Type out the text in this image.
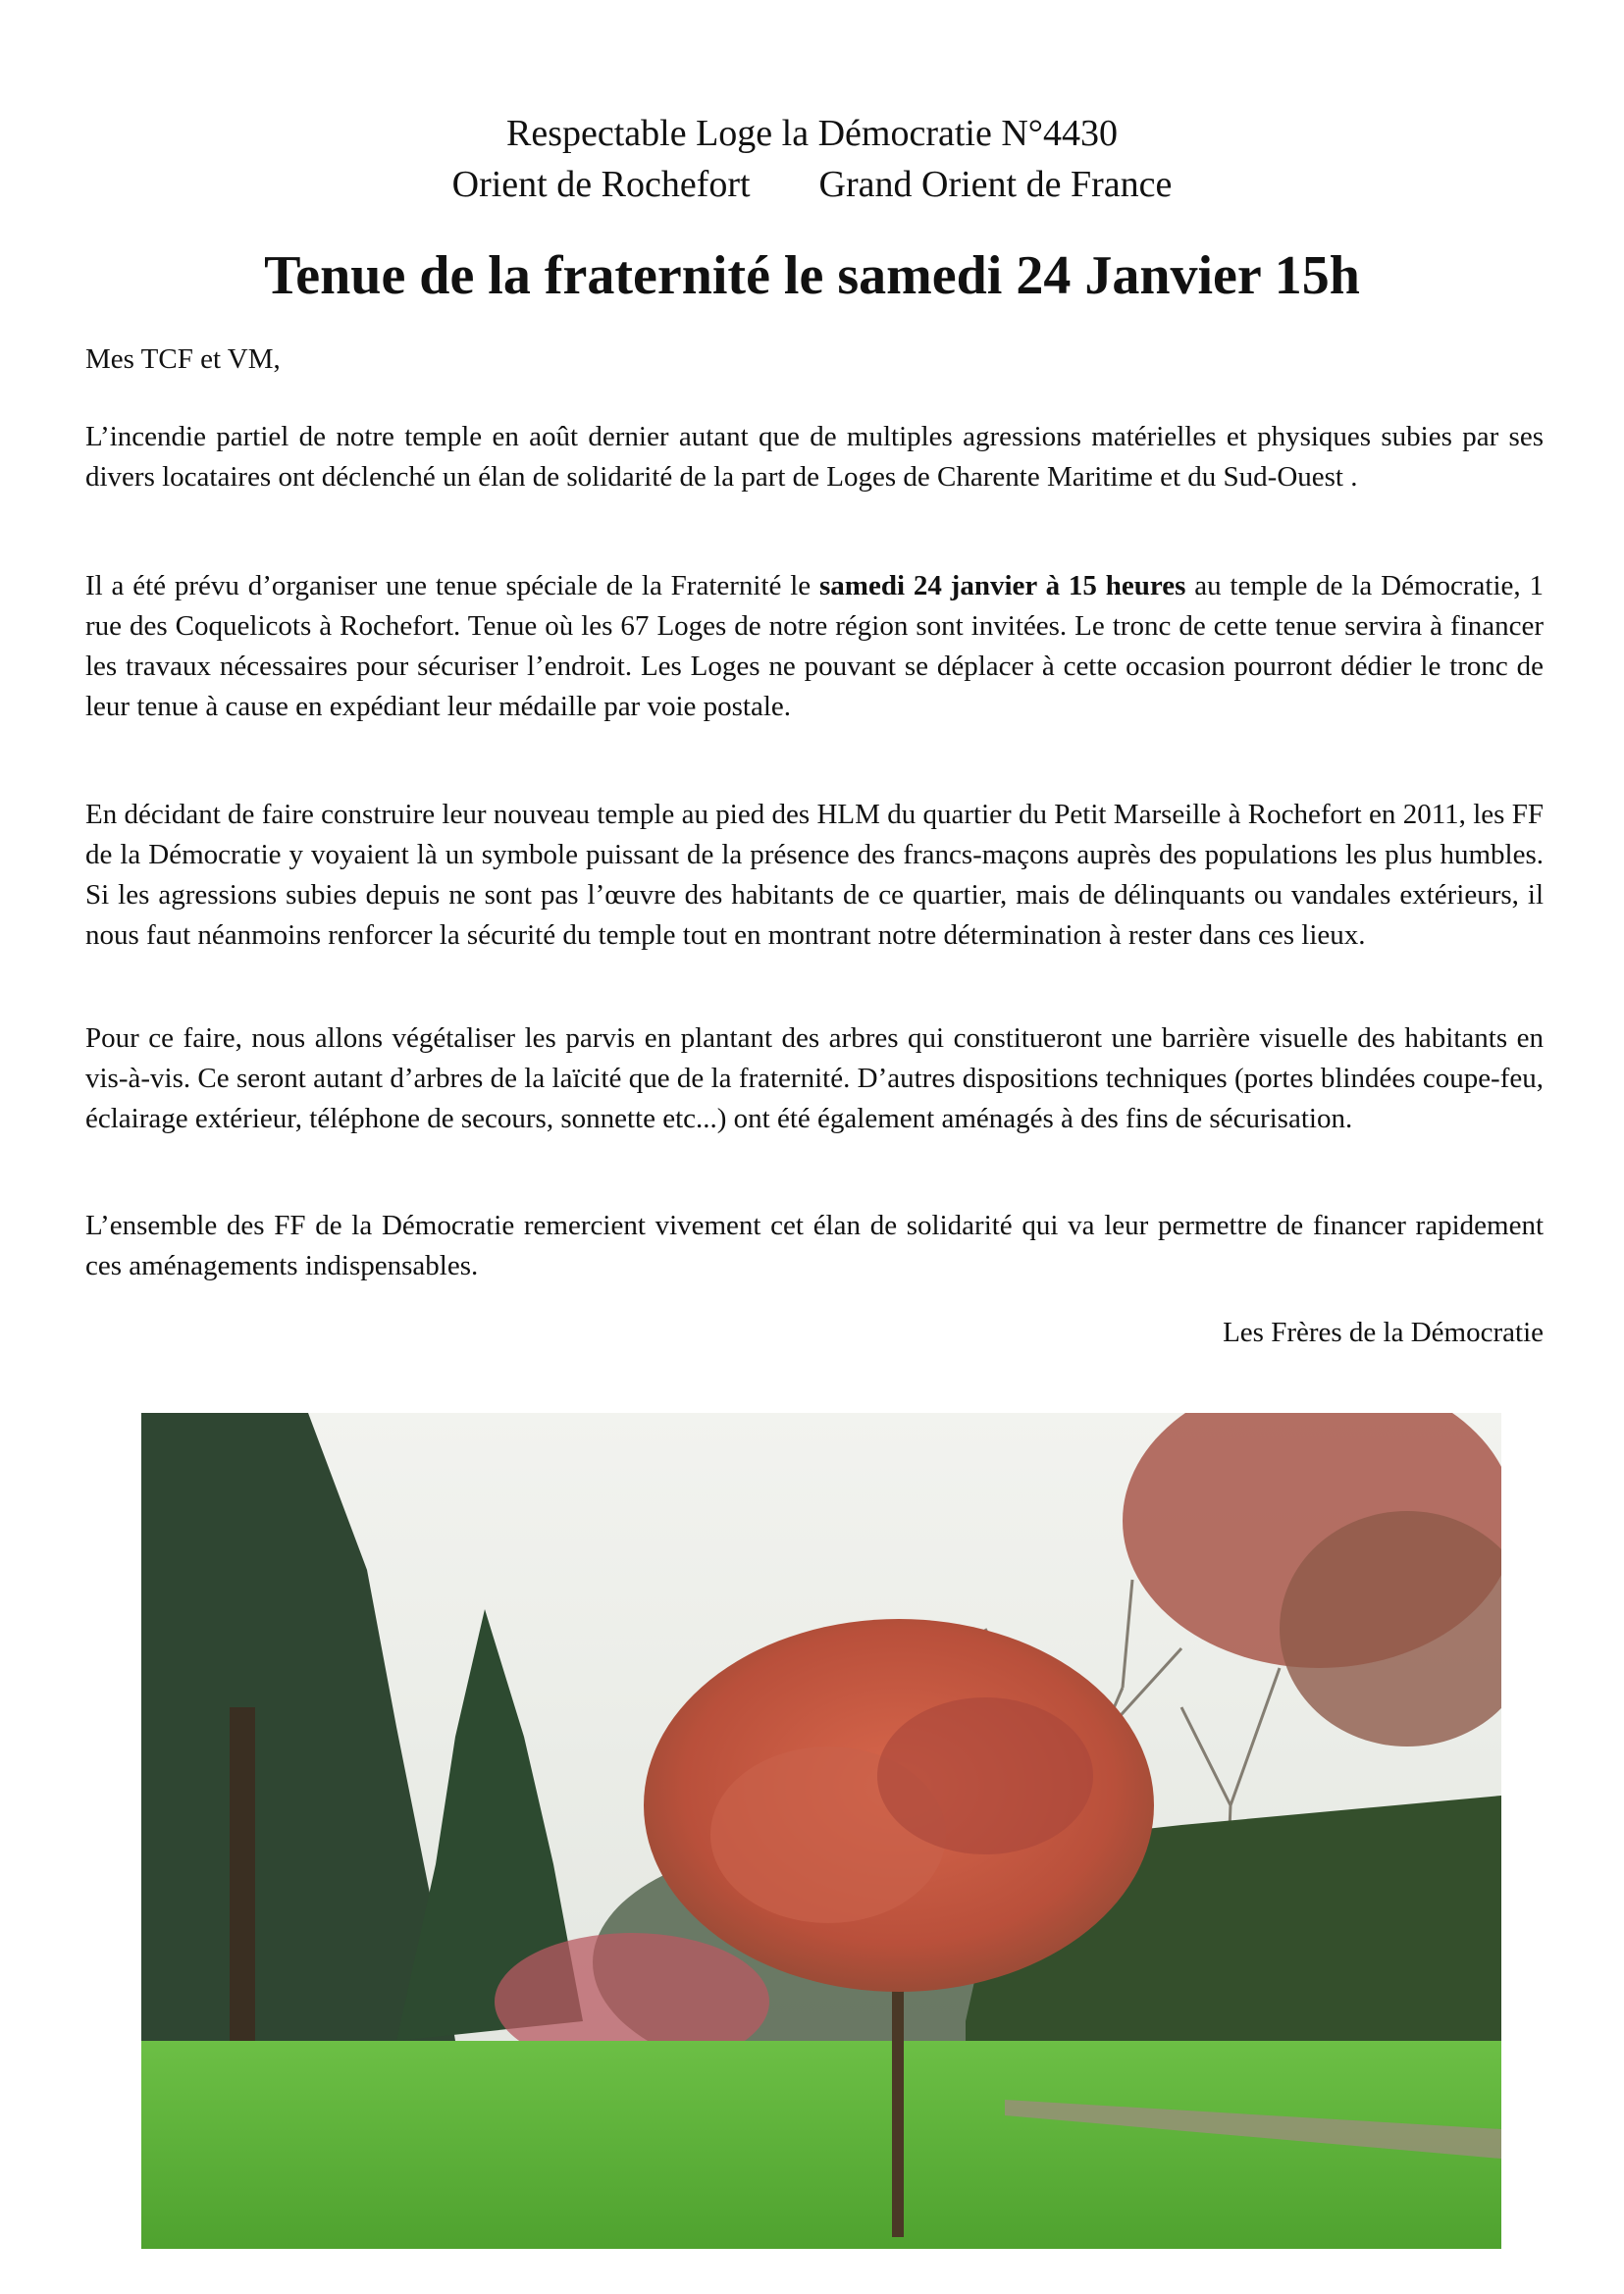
Respectable Loge la Démocratie N°4430
Orient de Rochefort Grand Orient de France
Tenue de la fraternité le samedi 24 Janvier 15h
Mes TCF et VM,

L’incendie partiel de notre temple en août dernier autant que de multiples agressions matérielles et physiques subies par ses divers locataires ont déclenché un élan de solidarité de la part de Loges de Charente Maritime et du Sud-Ouest .

Il a été prévu d’organiser une tenue spéciale de la Fraternité le samedi 24 janvier à 15 heures au temple de la Démocratie, 1 rue des Coquelicots à Rochefort. Tenue où les 67 Loges de notre région sont invitées. Le tronc de cette tenue servira à financer les travaux nécessaires pour sécuriser l’endroit. Les Loges ne pouvant se déplacer à cette occasion pourront dédier le tronc de leur tenue à cause en expédiant leur médaille par voie postale.

En décidant de faire construire leur nouveau temple au pied des HLM du quartier du Petit Marseille à Rochefort en 2011, les FF de la Démocratie y voyaient là un symbole puissant de la présence des francs-maçons auprès des populations les plus humbles. Si les agressions subies depuis ne sont pas l’œuvre des habitants de ce quartier, mais de délinquants ou vandales extérieurs, il nous faut néanmoins renforcer la sécurité du temple tout en montrant notre détermination à rester dans ces lieux.

Pour ce faire, nous allons végétaliser les parvis en plantant des arbres qui constitueront une barrière visuelle des habitants en vis-à-vis. Ce seront autant d’arbres de la laïcité que de la fraternité. D’autres dispositions techniques (portes blindées coupe-feu, éclairage extérieur, téléphone de secours, sonnette etc...) ont été également aménagés à des fins de sécurisation.

L’ensemble des FF de la Démocratie remercient vivement cet élan de solidarité qui va leur permettre de financer rapidement ces aménagements indispensables.

Les Frères de la Démocratie
